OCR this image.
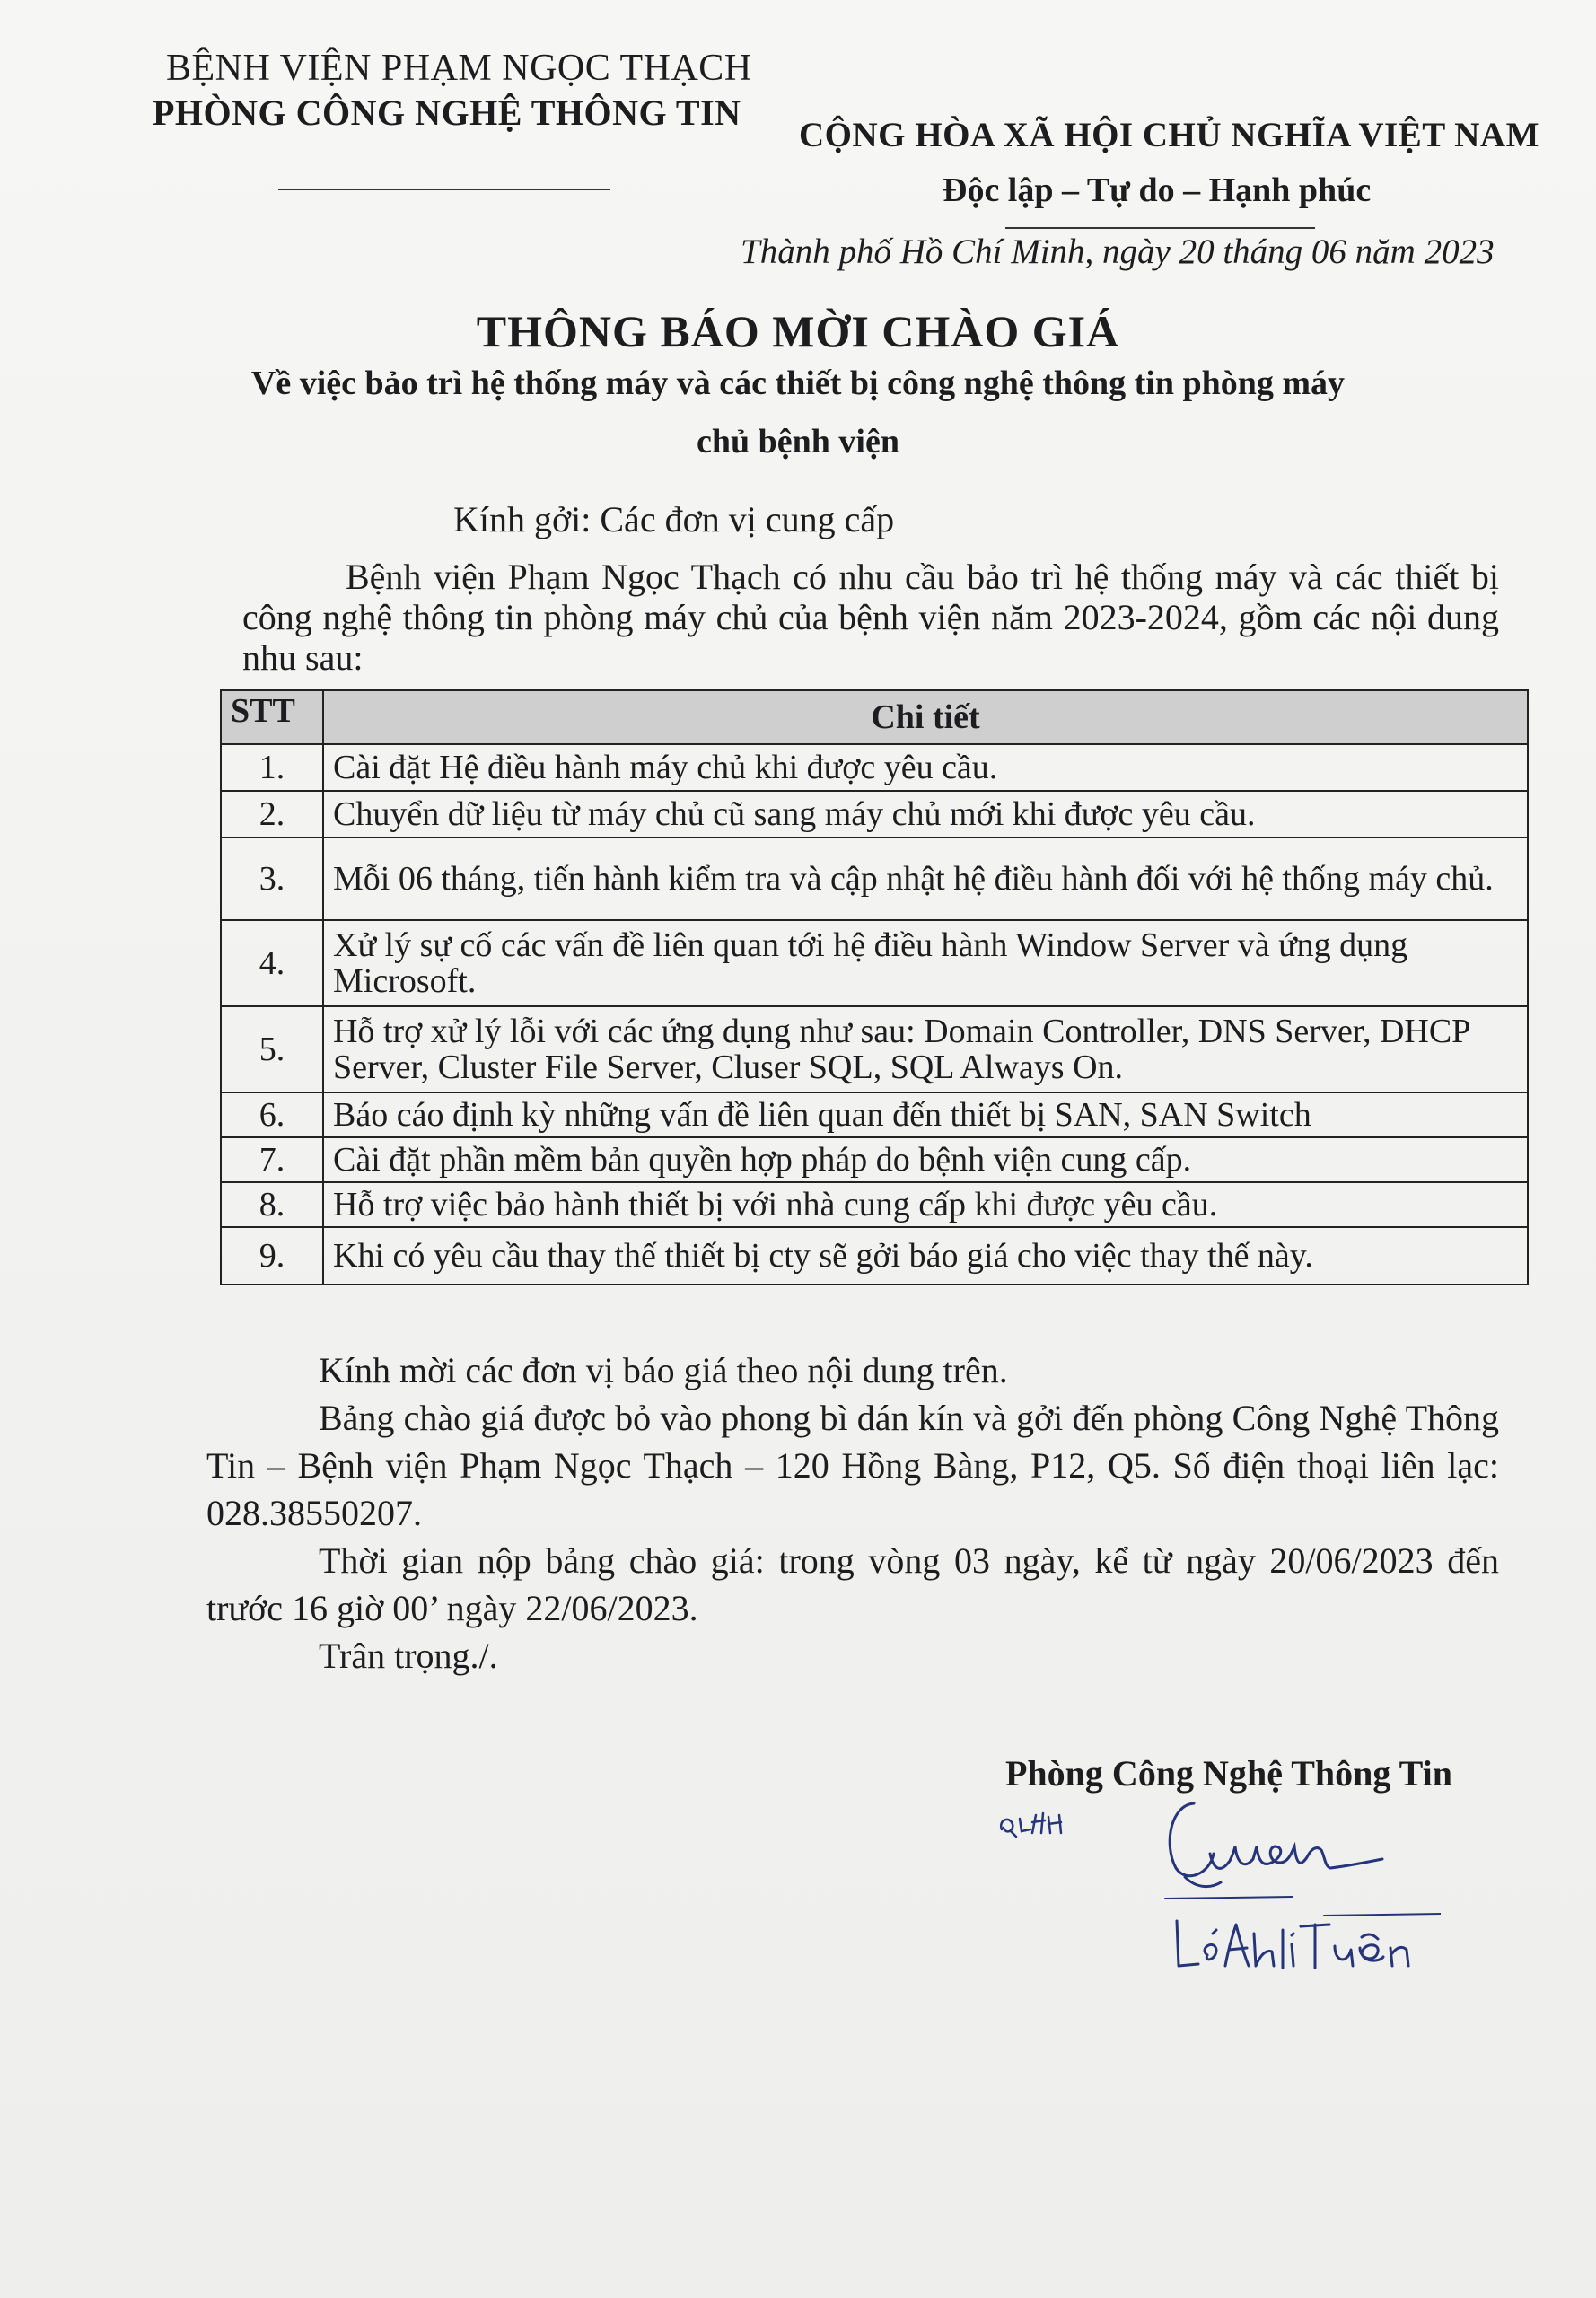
BỆNH VIỆN PHẠM NGỌC THẠCH
PHÒNG CÔNG NGHỆ THÔNG TIN
CỘNG HÒA XÃ HỘI CHỦ NGHĨA VIỆT NAM
Độc lập – Tự do – Hạnh phúc
Thành phố Hồ Chí Minh, ngày 20 tháng 06 năm 2023
THÔNG BÁO MỜI CHÀO GIÁ
Về việc bảo trì hệ thống máy và các thiết bị công nghệ thông tin phòng máy
chủ bệnh viện
Kính gởi: Các đơn vị cung cấp

Bệnh viện Phạm Ngọc Thạch có nhu cầu bảo trì hệ thống máy và các thiết bị công nghệ thông tin phòng máy chủ của bệnh viện năm 2023-2024, gồm các nội dung nhu sau:

STT	Chi tiết
1.	Cài đặt Hệ điều hành máy chủ khi được yêu cầu.
2.	Chuyển dữ liệu từ máy chủ cũ sang máy chủ mới khi được yêu cầu.
3.	Mỗi 06 tháng, tiến hành kiểm tra và cập nhật hệ điều hành đối với hệ thống máy chủ.
4.	Xử lý sự cố các vấn đề liên quan tới hệ điều hành Window Server và ứng dụng Microsoft.
5.	Hỗ trợ xử lý lỗi với các ứng dụng như sau: Domain Controller, DNS Server, DHCP Server, Cluster File Server, Cluser SQL, SQL Always On.
6.	Báo cáo định kỳ những vấn đề liên quan đến thiết bị SAN, SAN Switch
7.	Cài đặt phần mềm bản quyền hợp pháp do bệnh viện cung cấp.
8.	Hỗ trợ việc bảo hành thiết bị với nhà cung cấp khi được yêu cầu.
9.	Khi có yêu cầu thay thế thiết bị cty sẽ gởi báo giá cho việc thay thế này.

Kính mời các đơn vị báo giá theo nội dung trên.

Bảng chào giá được bỏ vào phong bì dán kín và gởi đến phòng Công Nghệ Thông Tin – Bệnh viện Phạm Ngọc Thạch – 120 Hồng Bàng, P12, Q5. Số điện thoại liên lạc: 028.38550207.

Thời gian nộp bảng chào giá: trong vòng 03 ngày, kể từ ngày 20/06/2023 đến trước 16 giờ 00’ ngày 22/06/2023.

Trân trọng./.

Phòng Công Nghệ Thông Tin
